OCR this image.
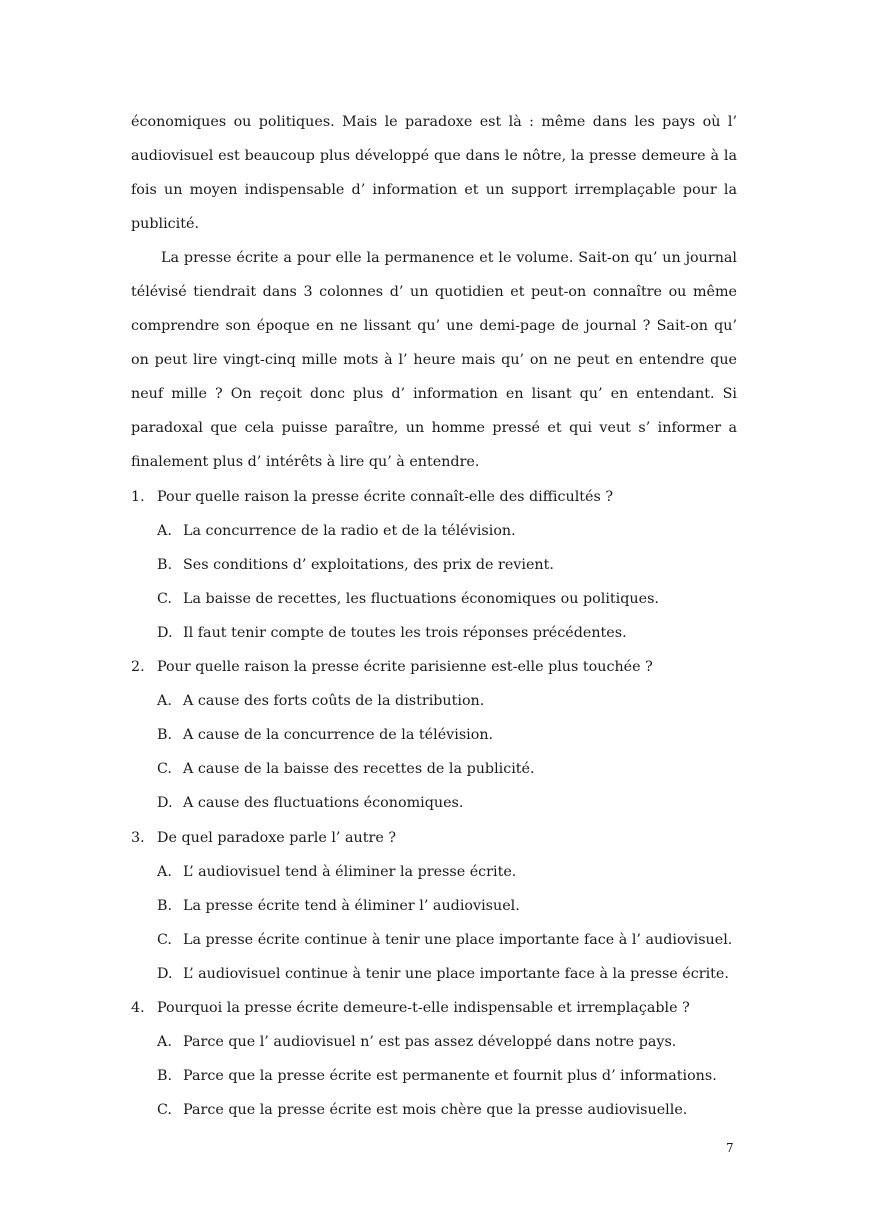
économiques ou politiques. Mais le paradoxe est là : même dans les pays où l’
audiovisuel est beaucoup plus développé que dans le nôtre, la presse demeure à la
fois un moyen indispensable d’ information et un support irremplaçable pour la
publicité.
La presse écrite a pour elle la permanence et le volume. Sait-on qu’ un journal
télévisé tiendrait dans 3 colonnes d’ un quotidien et peut-on connaître ou même
comprendre son époque en ne lissant qu’ une demi-page de journal ? Sait-on qu’
on peut lire vingt-cinq mille mots à l’ heure mais qu’ on ne peut en entendre que
neuf mille ? On reçoit donc plus d’ information en lisant qu’ en entendant. Si
paradoxal que cela puisse paraître, un homme pressé et qui veut s’ informer a
finalement plus d’ intérêts à lire qu’ à entendre.
1. Pour quelle raison la presse écrite connaît-elle des difficultés ?
A. La concurrence de la radio et de la télévision.
B. Ses conditions d’ exploitations, des prix de revient.
C. La baisse de recettes, les fluctuations économiques ou politiques.
D. Il faut tenir compte de toutes les trois réponses précédentes.
2. Pour quelle raison la presse écrite parisienne est-elle plus touchée ?
A. A cause des forts coûts de la distribution.
B. A cause de la concurrence de la télévision.
C. A cause de la baisse des recettes de la publicité.
D. A cause des fluctuations économiques.
3. De quel paradoxe parle l’ autre ?
A. L’ audiovisuel tend à éliminer la presse écrite.
B. La presse écrite tend à éliminer l’ audiovisuel.
C. La presse écrite continue à tenir une place importante face à l’ audiovisuel.
D. L’ audiovisuel continue à tenir une place importante face à la presse écrite.
4. Pourquoi la presse écrite demeure-t-elle indispensable et irremplaçable ?
A. Parce que l’ audiovisuel n’ est pas assez développé dans notre pays.
B. Parce que la presse écrite est permanente et fournit plus d’ informations.
C. Parce que la presse écrite est mois chère que la presse audiovisuelle.
7
